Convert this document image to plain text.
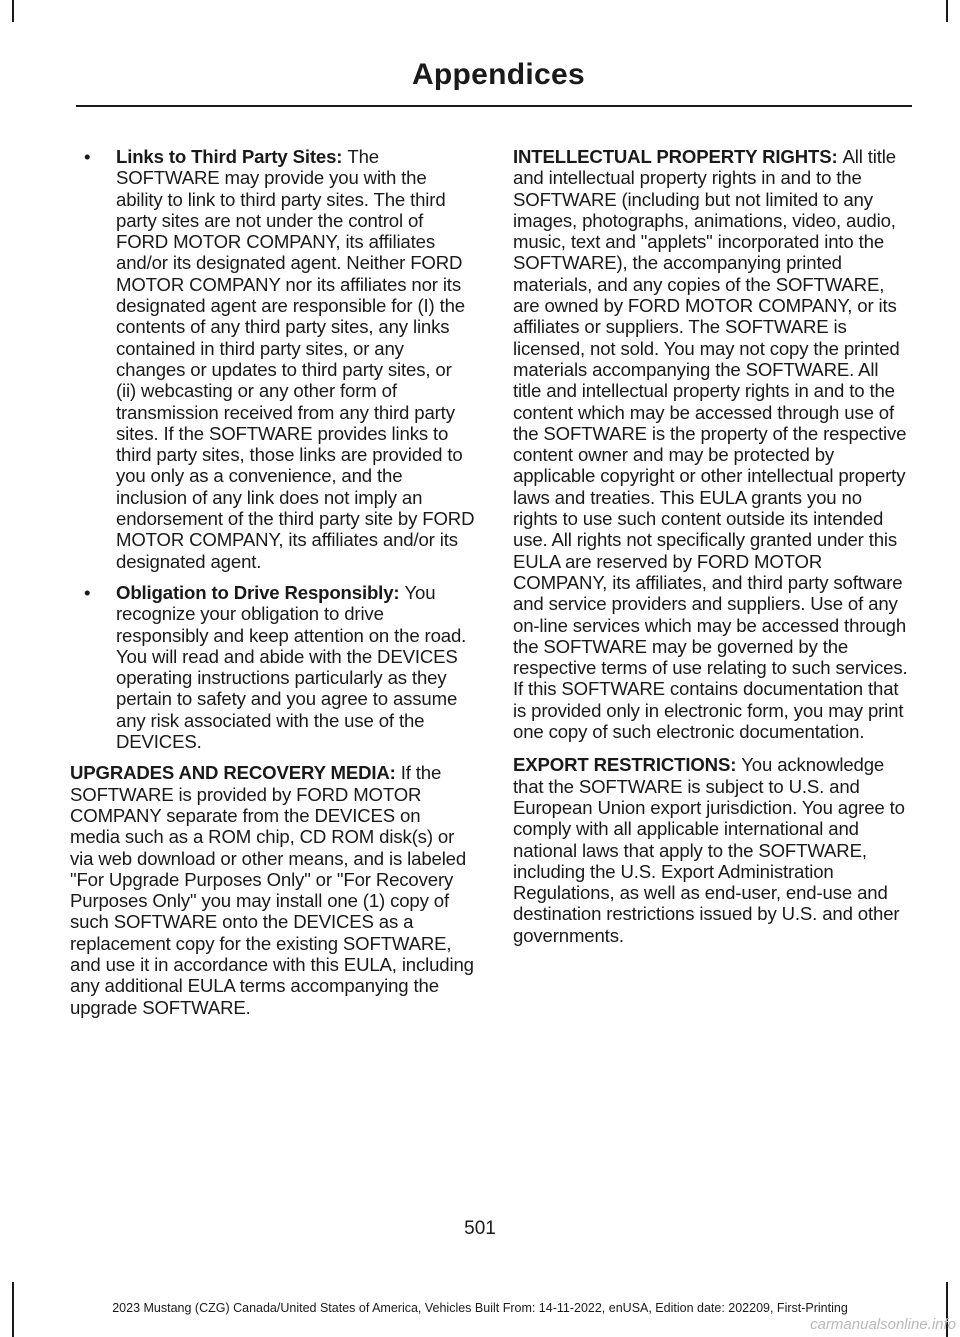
Appendices
• Links to Third Party Sites: The SOFTWARE may provide you with the ability to link to third party sites. The third party sites are not under the control of FORD MOTOR COMPANY, its affiliates and/or its designated agent. Neither FORD MOTOR COMPANY nor its affiliates nor its designated agent are responsible for (I) the contents of any third party sites, any links contained in third party sites, or any changes or updates to third party sites, or (ii) webcasting or any other form of transmission received from any third party sites. If the SOFTWARE provides links to third party sites, those links are provided to you only as a convenience, and the inclusion of any link does not imply an endorsement of the third party site by FORD MOTOR COMPANY, its affiliates and/or its designated agent.
• Obligation to Drive Responsibly: You recognize your obligation to drive responsibly and keep attention on the road. You will read and abide with the DEVICES operating instructions particularly as they pertain to safety and you agree to assume any risk associated with the use of the DEVICES.

UPGRADES AND RECOVERY MEDIA: If the SOFTWARE is provided by FORD MOTOR COMPANY separate from the DEVICES on media such as a ROM chip, CD ROM disk(s) or via web download or other means, and is labeled "For Upgrade Purposes Only" or "For Recovery Purposes Only" you may install one (1) copy of such SOFTWARE onto the DEVICES as a replacement copy for the existing SOFTWARE, and use it in accordance with this EULA, including any additional EULA terms accompanying the upgrade SOFTWARE.

INTELLECTUAL PROPERTY RIGHTS: All title and intellectual property rights in and to the SOFTWARE (including but not limited to any images, photographs, animations, video, audio, music, text and "applets" incorporated into the SOFTWARE), the accompanying printed materials, and any copies of the SOFTWARE, are owned by FORD MOTOR COMPANY, or its affiliates or suppliers. The SOFTWARE is licensed, not sold. You may not copy the printed materials accompanying the SOFTWARE. All title and intellectual property rights in and to the content which may be accessed through use of the SOFTWARE is the property of the respective content owner and may be protected by applicable copyright or other intellectual property laws and treaties. This EULA grants you no rights to use such content outside its intended use. All rights not specifically granted under this EULA are reserved by FORD MOTOR COMPANY, its affiliates, and third party software and service providers and suppliers. Use of any on-line services which may be accessed through the SOFTWARE may be governed by the respective terms of use relating to such services. If this SOFTWARE contains documentation that is provided only in electronic form, you may print one copy of such electronic documentation.

EXPORT RESTRICTIONS: You acknowledge that the SOFTWARE is subject to U.S. and European Union export jurisdiction. You agree to comply with all applicable international and national laws that apply to the SOFTWARE, including the U.S. Export Administration Regulations, as well as end-user, end-use and destination restrictions issued by U.S. and other governments.

501
2023 Mustang (CZG) Canada/United States of America, Vehicles Built From: 14-11-2022, enUSA, Edition date: 202209, First-Printing
carmanualsonline.info
